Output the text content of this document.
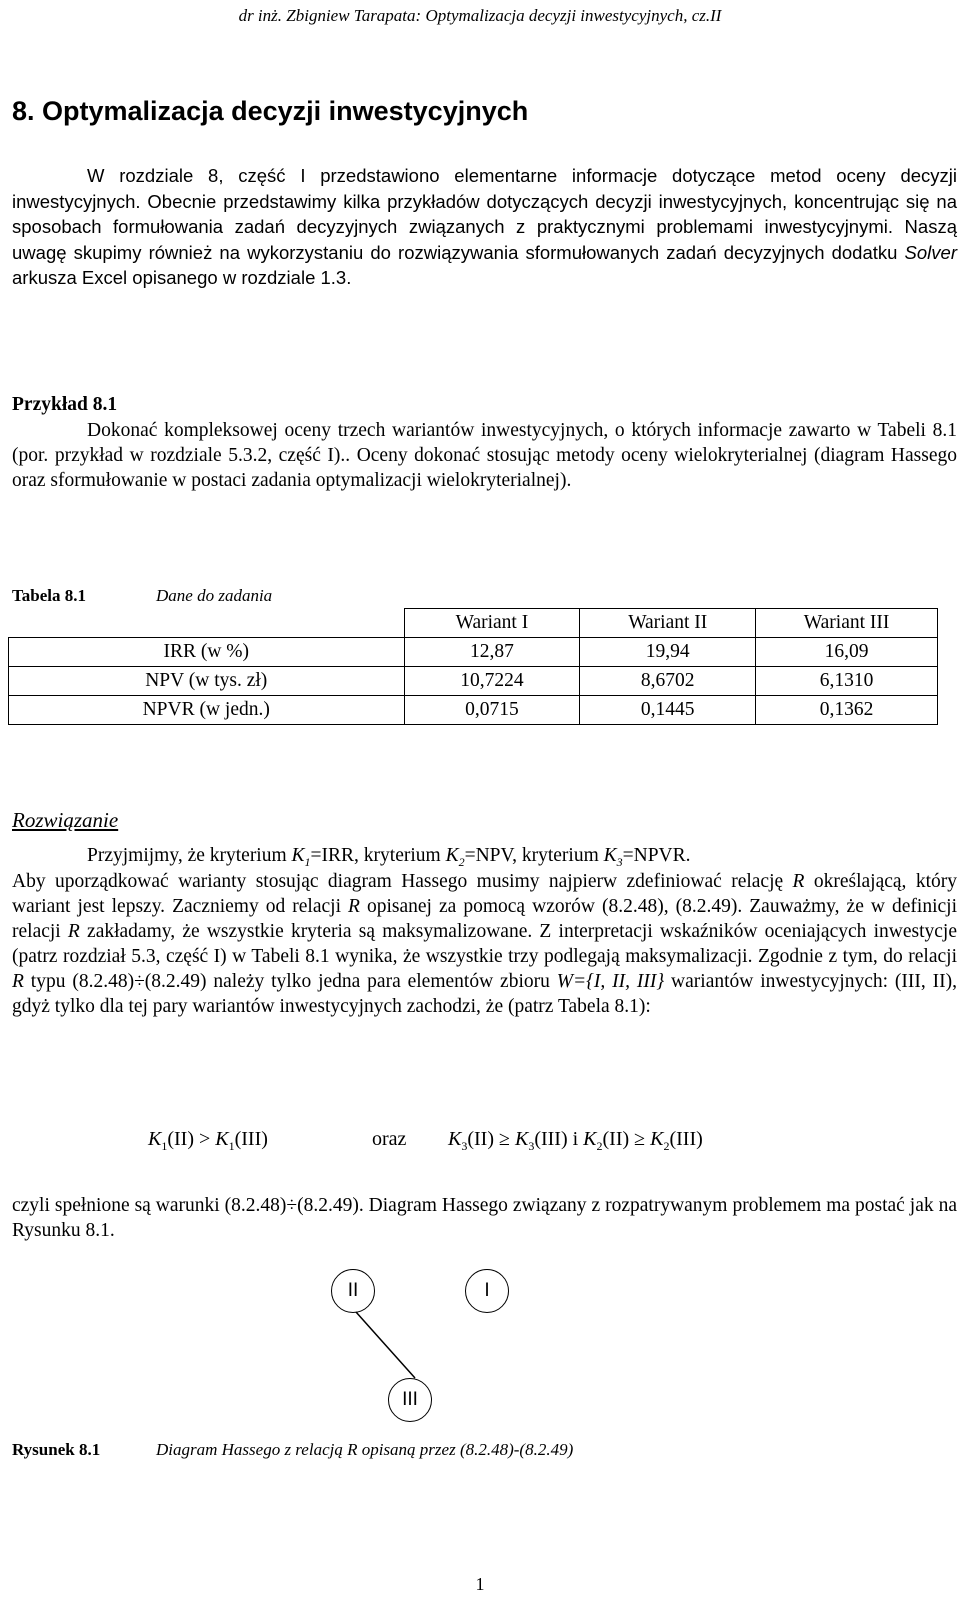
dr inż. Zbigniew Tarapata: Optymalizacja decyzji inwestycyjnych, cz.II
8. Optymalizacja decyzji inwestycyjnych
W rozdziale 8, część I przedstawiono elementarne informacje dotyczące metod oceny decyzji inwestycyjnych. Obecnie przedstawimy kilka przykładów dotyczących decyzji inwestycyjnych, koncentrując się na sposobach formułowania zadań decyzyjnych związanych z praktycznymi problemami inwestycyjnymi. Naszą uwagę skupimy również na wykorzystaniu do rozwiązywania sformułowanych zadań decyzyjnych dodatku Solver arkusza Excel opisanego w rozdziale 1.3.
Przykład 8.1
Dokonać kompleksowej oceny trzech wariantów inwestycyjnych, o których informacje zawarto w Tabeli 8.1 (por. przykład w rozdziale 5.3.2, część I).. Oceny dokonać stosując metody oceny wielokryterialnej (diagram Hassego oraz sformułowanie w postaci zadania optymalizacji wielokryterialnej).
Tabela 8.1	Dane do zadania
	Wariant I	Wariant II	Wariant III
IRR (w %)	12,87	19,94	16,09
NPV (w tys. zł)	10,7224	8,6702	6,1310
NPVR (w jedn.)	0,0715	0,1445	0,1362
Rozwiązanie
Przyjmijmy, że kryterium $K_1=IRR$, kryterium $K_2=NPV$, kryterium $K_3=NPVR$.
Aby uporządkować warianty stosując diagram Hassego musimy najpierw zdefiniować relację R określającą, który wariant jest lepszy. Zaczniemy od relacji R opisanej za pomocą wzorów (8.2.48), (8.2.49). Zauważmy, że w definicji relacji R zakładamy, że wszystkie kryteria są maksymalizowane. Z interpretacji wskaźników oceniających inwestycje (patrz rozdział 5.3, część I) w Tabeli 8.1 wynika, że wszystkie trzy podlegają maksymalizacji. Zgodnie z tym, do relacji R typu (8.2.48)÷(8.2.49) należy tylko jedna para elementów zbioru W={I, II, III} wariantów inwestycyjnych: (III, II), gdyż tylko dla tej pary wariantów inwestycyjnych zachodzi, że (patrz Tabela 8.1):
$K_1(II) > K_1(III)$	oraz $K_3(II) \ge K_3(III)$ i $K_2(II) \ge K_2(III)$
czyli spełnione są warunki (8.2.48)÷(8.2.49). Diagram Hassego związany z rozpatrywanym problemem ma postać jak na Rysunku 8.1.
II	I
III
Rysunek 8.1	Diagram Hassego z relacją R opisaną przez (8.2.48)-(8.2.49)
1
